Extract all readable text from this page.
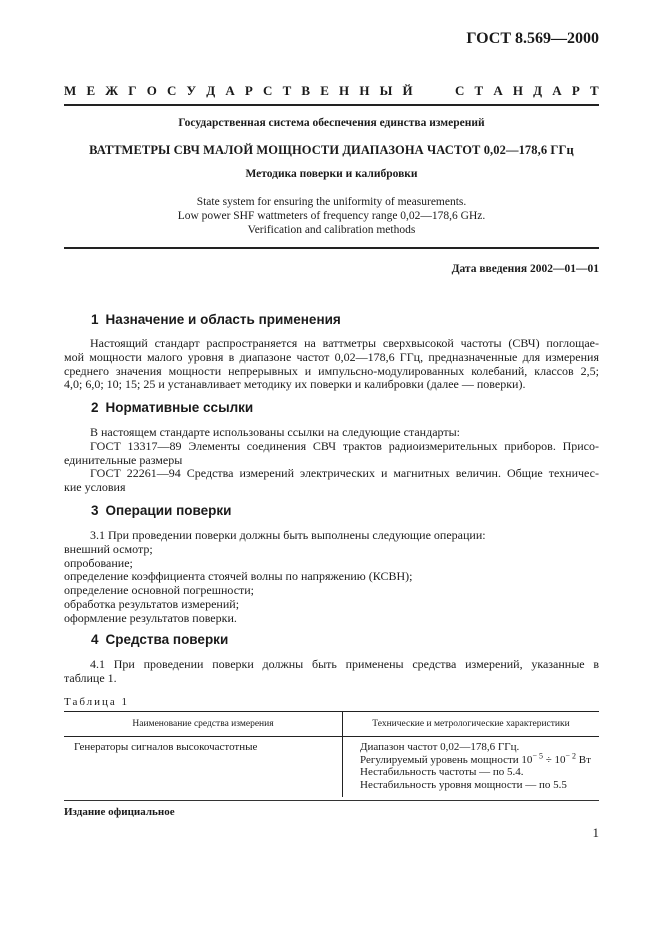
ГОСТ 8.569—2000
М Е Ж Г О С У Д А Р С Т В Е Н Н Ы Й	С Т А Н Д А Р Т
Государственная система обеспечения единства измерений
ВАТТМЕТРЫ СВЧ МАЛОЙ МОЩНОСТИ ДИАПАЗОНА ЧАСТОТ 0,02—178,6 ГГц
Методика поверки и калибровки
State system for ensuring the uniformity of measurements.
Low power SHF wattmeters of frequency range 0,02—178,6 GHz.
Verification and calibration methods
Дата введения 2002—01—01
1 Назначение и область применения
Настоящий стандарт распространяется на ваттметры сверхвысокой частоты (СВЧ) поглощае-
мой мощности малого уровня в диапазоне частот 0,02—178,6 ГГц, предназначенные для измерения
среднего значения мощности непрерывных и импульсно-модулированных колебаний, классов 2,5;
4,0; 6,0; 10; 15; 25 и устанавливает методику их поверки и калибровки (далее — поверки).
2 Нормативные ссылки
В настоящем стандарте использованы ссылки на следующие стандарты:
ГОСТ 13317—89 Элементы соединения СВЧ трактов радиоизмерительных приборов. Присо-
единительные размеры
ГОСТ 22261—94 Средства измерений электрических и магнитных величин. Общие техничес-
кие условия
3 Операции поверки
3.1 При проведении поверки должны быть выполнены следующие операции:
внешний осмотр;
опробование;
определение коэффициента стоячей волны по напряжению (КСВН);
определение основной погрешности;
обработка результатов измерений;
оформление результатов поверки.
4 Средства поверки
4.1 При проведении поверки должны быть применены средства измерений, указанные в
таблице 1.
Таблица 1
Наименование средства измерения	Технические и метрологические характеристики
Генераторы сигналов высокочастотные	Диапазон частот 0,02—178,6 ГГц.
Регулируемый уровень мощности $10^{- 5} \div 10^{- 2}$ Вт
Нестабильность частоты — по 5.4.
Нестабильность уровня мощности — по 5.5

Издание официальное
1
